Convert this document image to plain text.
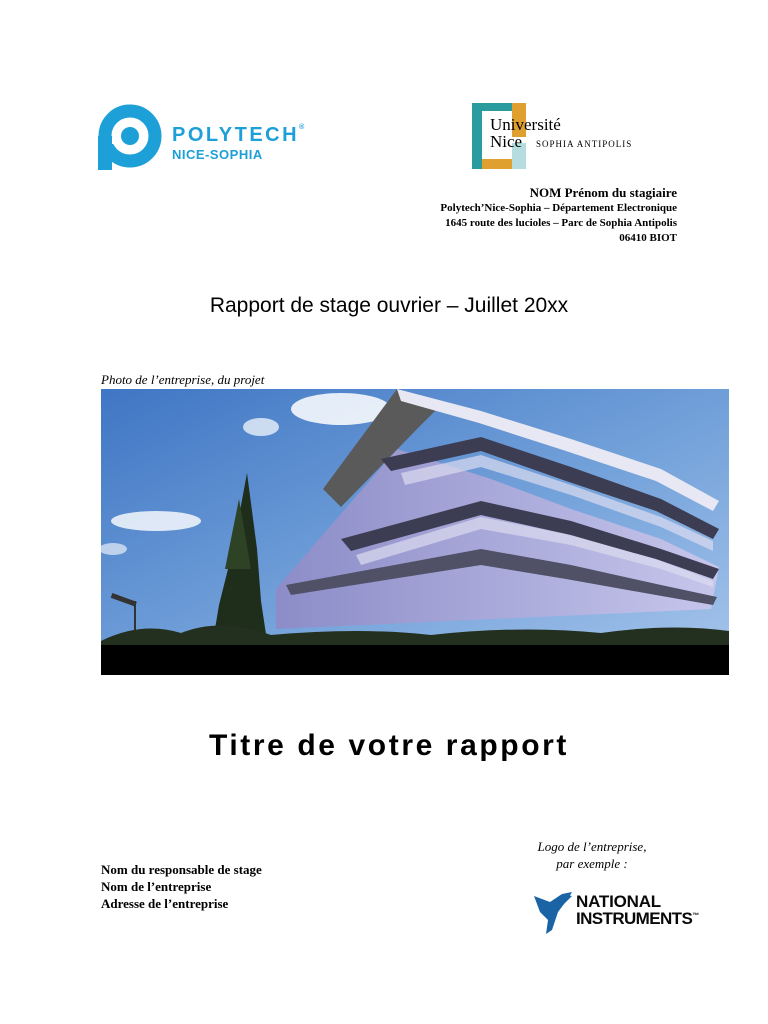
POLYTECH®
NICE-SOPHIA
Université
Nice SOPHIA ANTIPOLIS
NOM Prénom du stagiaire
Polytech’Nice-Sophia – Département Electronique
1645 route des lucioles – Parc de Sophia Antipolis
06410 BIOT
Rapport de stage ouvrier – Juillet 20xx
Photo de l’entreprise, du projet
Titre de votre rapport
Logo de l’entreprise,
par exemple :
Nom du responsable de stage
Nom de l’entreprise
Adresse de l’entreprise	NATIONAL
INSTRUMENTS™
